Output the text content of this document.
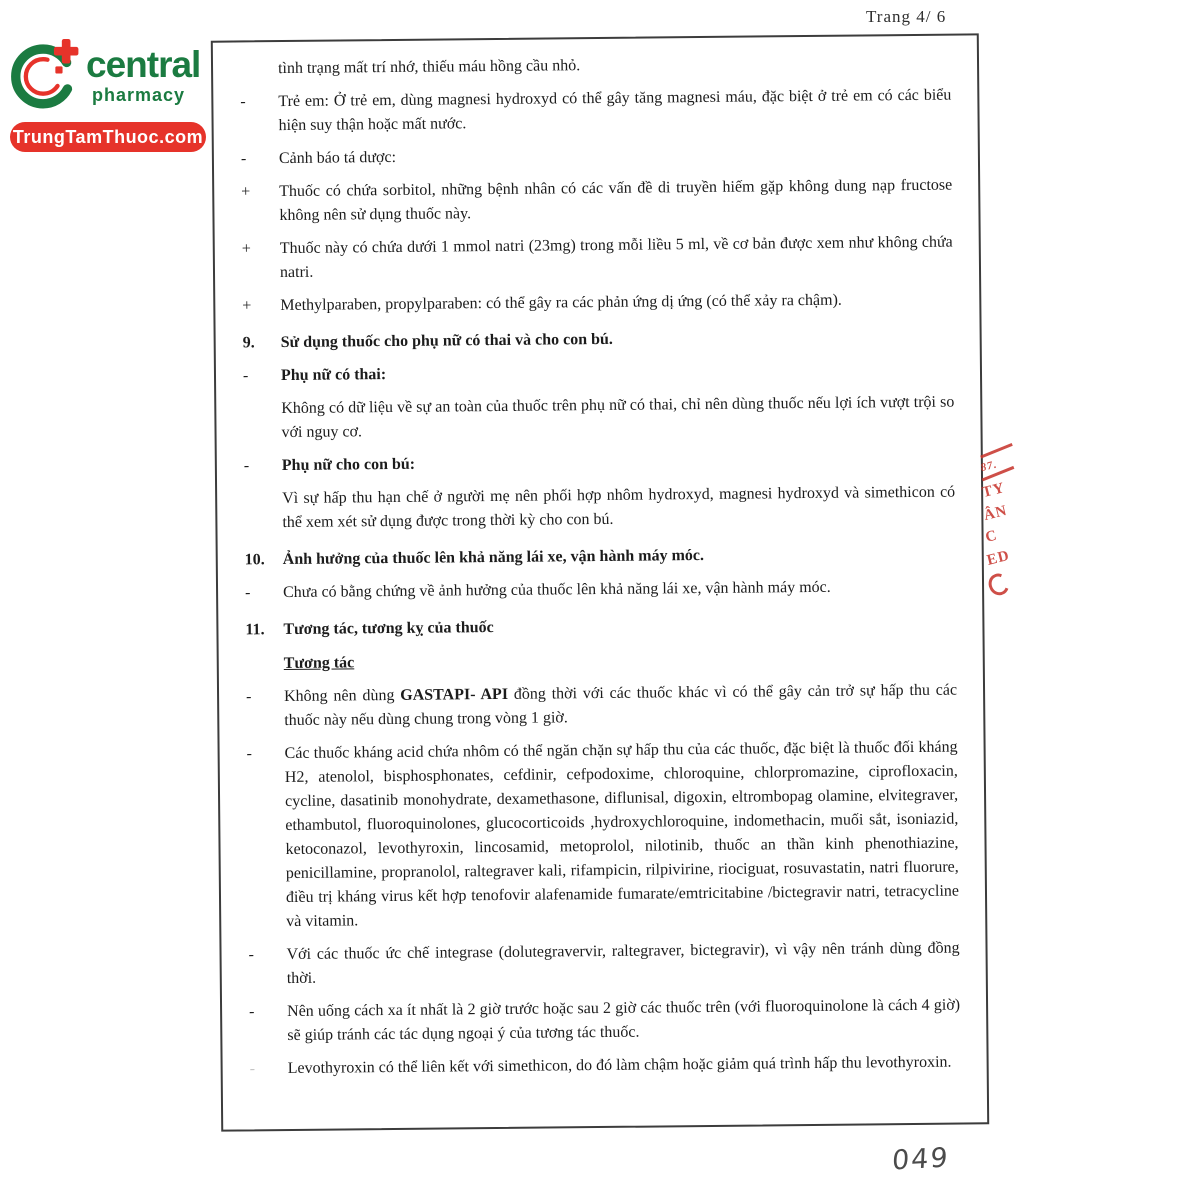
Trang 4/ 6
central
pharmacy
TrungTamThuoc.com
tình trạng mất trí nhớ, thiếu máu hồng cầu nhỏ.
-	Trẻ em: Ở trẻ em, dùng magnesi hydroxyd có thể gây tăng magnesi máu, đặc biệt ở trẻ em có các biểu hiện suy thận hoặc mất nước.
-	Cảnh báo tá dược:
+	Thuốc có chứa sorbitol, những bệnh nhân có các vấn đề di truyền hiếm gặp không dung nạp fructose không nên sử dụng thuốc này.
+	Thuốc này có chứa dưới 1 mmol natri (23mg) trong mỗi liều 5 ml, về cơ bản được xem như không chứa natri.
+	Methylparaben, propylparaben: có thể gây ra các phản ứng dị ứng (có thể xảy ra chậm).
9.	Sử dụng thuốc cho phụ nữ có thai và cho con bú.
-	Phụ nữ có thai:
Không có dữ liệu về sự an toàn của thuốc trên phụ nữ có thai, chỉ nên dùng thuốc nếu lợi ích vượt trội so với nguy cơ.
-	Phụ nữ cho con bú:
Vì sự hấp thu hạn chế ở người mẹ nên phối hợp nhôm hydroxyd, magnesi hydroxyd và simethicon có thể xem xét sử dụng được trong thời kỳ cho con bú.
10.	Ảnh hưởng của thuốc lên khả năng lái xe, vận hành máy móc.
-	Chưa có bằng chứng về ảnh hưởng của thuốc lên khả năng lái xe, vận hành máy móc.
11.	Tương tác, tương kỵ của thuốc
Tương tác
-	Không nên dùng GASTAPI- API đồng thời với các thuốc khác vì có thể gây cản trở sự hấp thu các thuốc này nếu dùng chung trong vòng 1 giờ.
-	Các thuốc kháng acid chứa nhôm có thể ngăn chặn sự hấp thu của các thuốc, đặc biệt là thuốc đối kháng H2, atenolol, bisphosphonates, cefdinir, cefpodoxime, chloroquine, chlorpromazine, ciprofloxacin, cycline, dasatinib monohydrate, dexamethasone, diflunisal, digoxin, eltrombopag olamine, elvitegraver, ethambutol, fluoroquinolones, glucocorticoids ,hydroxychloroquine, indomethacin, muối sắt, isoniazid, ketoconazol, levothyroxin, lincosamid, metoprolol, nilotinib, thuốc an thần kinh phenothiazine, penicillamine, propranolol, raltegraver kali, rifampicin, rilpivirine, riociguat, rosuvastatin, natri fluorure, điều trị kháng virus kết hợp tenofovir alafenamide fumarate/emtricitabine /bictegravir natri, tetracycline và vitamin.
-	Với các thuốc ức chế integrase (dolutegravervir, raltegraver, bictegravir), vì vậy nên tránh dùng đồng thời.
-	Nên uống cách xa ít nhất là 2 giờ trước hoặc sau 2 giờ các thuốc trên (với fluoroquinolone là cách 4 giờ) sẽ giúp tránh các tác dụng ngoại ý của tương tác thuốc.
-	Levothyroxin có thể liên kết với simethicon, do đó làm chậm hoặc giảm quá trình hấp thu levothyroxin.
87.
TY
ÂN
C
ED
049
